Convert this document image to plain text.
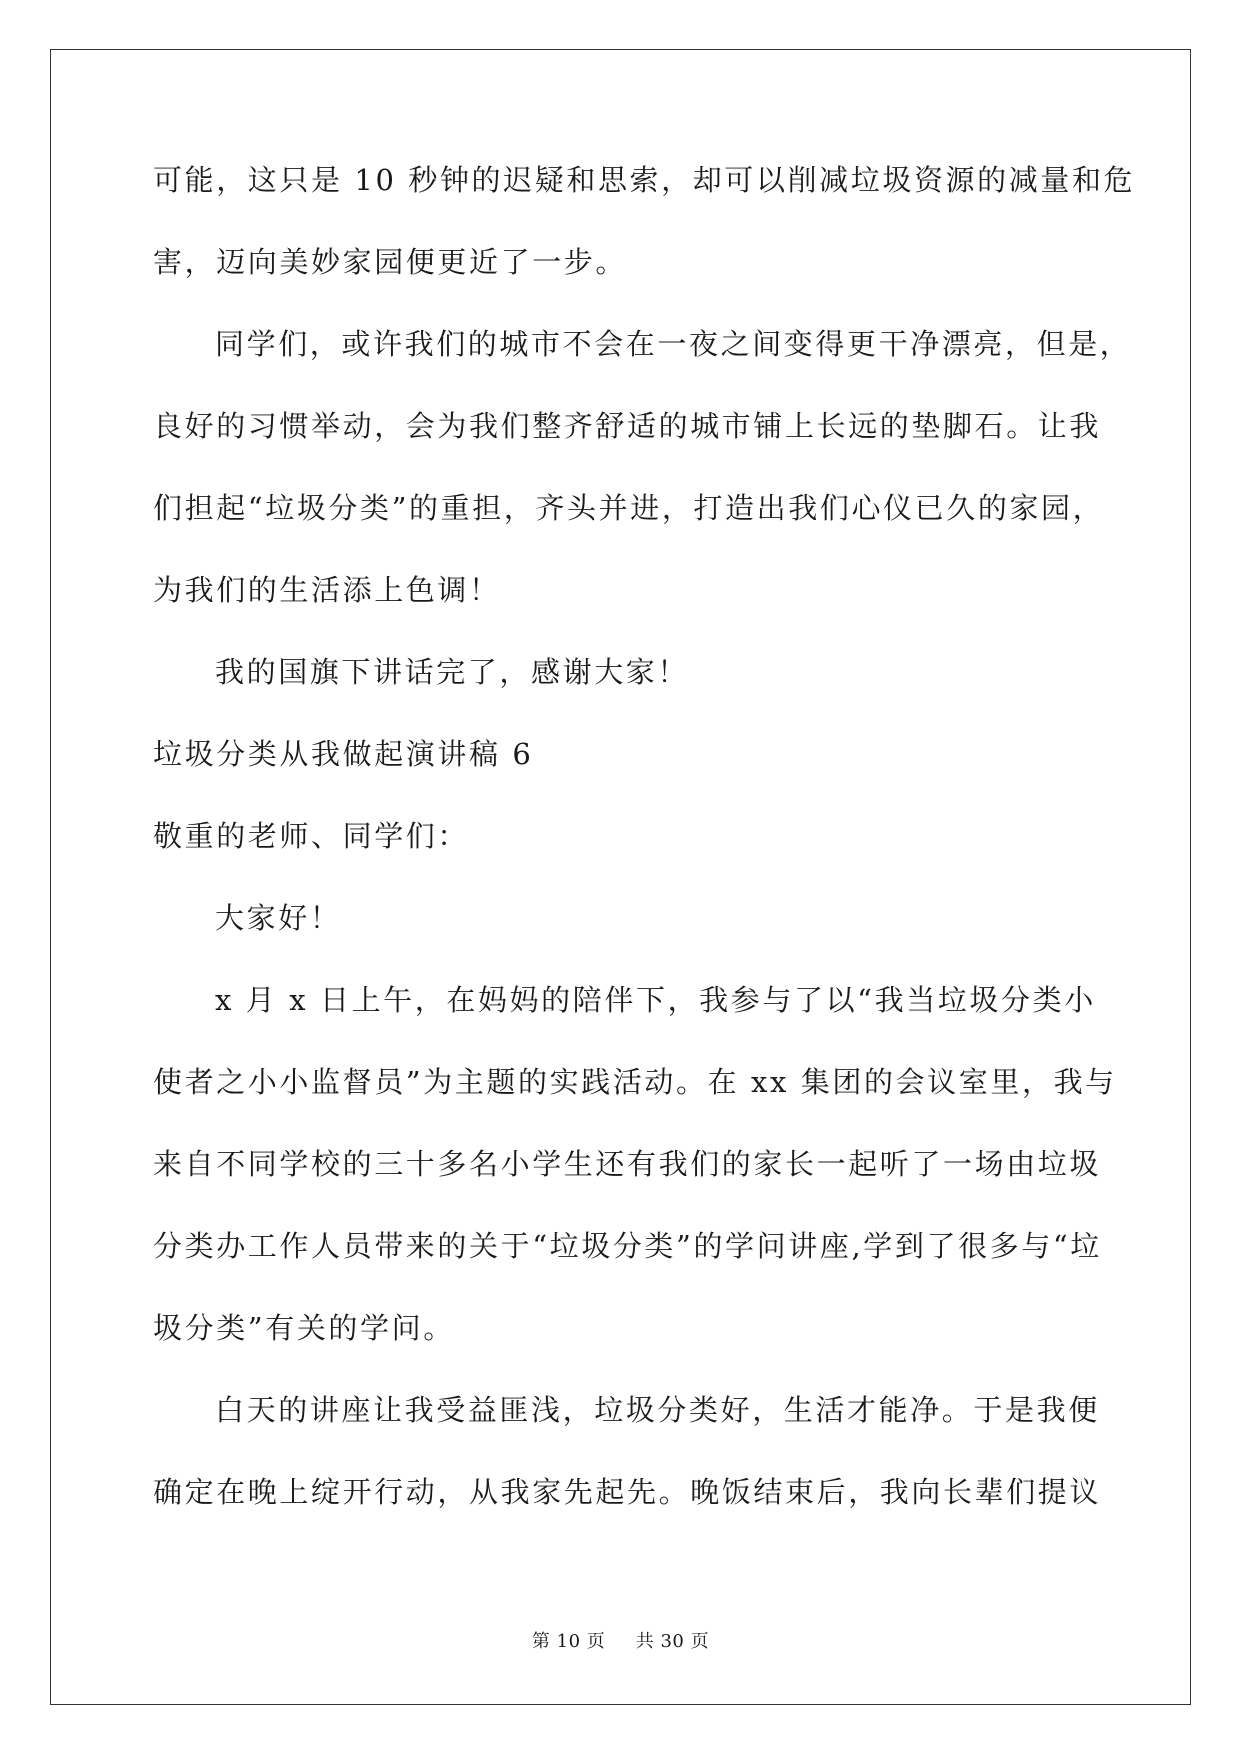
可能，这只是 10 秒钟的迟疑和思索，却可以削减垃圾资源的减量和危
害，迈向美妙家园便更近了一步。
同学们，或许我们的城市不会在一夜之间变得更干净漂亮，但是，
良好的习惯举动，会为我们整齐舒适的城市铺上长远的垫脚石。让我
们担起“垃圾分类”的重担，齐头并进，打造出我们心仪已久的家园，
为我们的生活添上色调！
我的国旗下讲话完了，感谢大家！
垃圾分类从我做起演讲稿 6
敬重的老师、同学们：
大家好！
x 月 x 日上午，在妈妈的陪伴下，我参与了以“我当垃圾分类小
使者之小小监督员”为主题的实践活动。在 xx 集团的会议室里，我与
来自不同学校的三十多名小学生还有我们的家长一起听了一场由垃圾
分类办工作人员带来的关于“垃圾分类”的学问讲座,学到了很多与“垃
圾分类”有关的学问。
白天的讲座让我受益匪浅，垃圾分类好，生活才能净。于是我便
确定在晚上绽开行动，从我家先起先。晚饭结束后，我向长辈们提议
第 10 页 共 30 页
